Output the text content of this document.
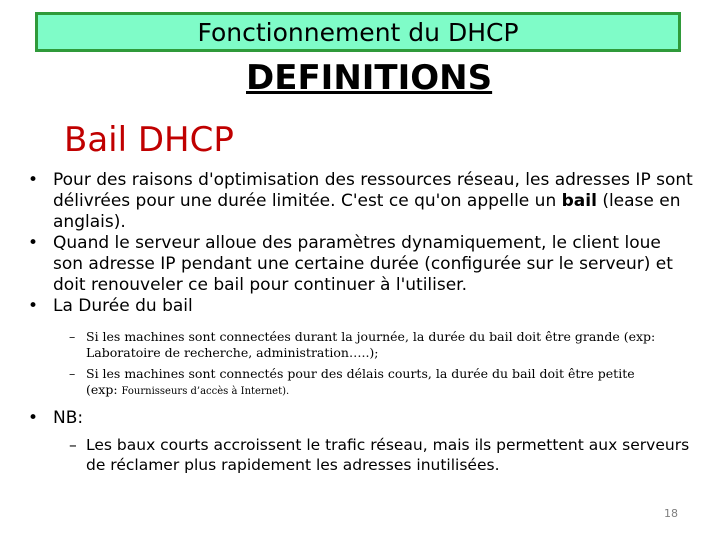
Fonctionnement du DHCP
DEFINITIONS
Bail DHCP
• Pour des raisons d'optimisation des ressources réseau, les adresses IP sont délivrées pour une durée limitée. C'est ce qu'on appelle un bail (lease en anglais).
• Quand le serveur alloue des paramètres dynamiquement, le client loue son adresse IP pendant une certaine durée (configurée sur le serveur) et doit renouveler ce bail pour continuer à l'utiliser.
• La Durée du bail
– Si les machines sont connectées durant la journée, la durée du bail doit être grande (exp: Laboratoire de recherche, administration…..);
– Si les machines sont connectés pour des délais courts, la durée du bail doit être petite
(exp: Fournisseurs d’accès à Internet).
• NB:
– Les baux courts accroissent le trafic réseau, mais ils permettent aux serveurs de réclamer plus rapidement les adresses inutilisées.
18
